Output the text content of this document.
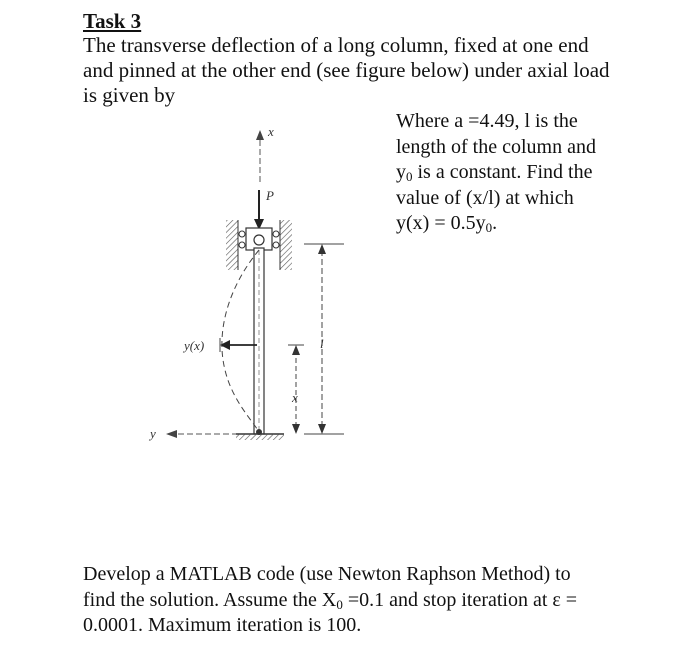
Task 3
The transverse deflection of a long column, fixed at one end
and pinned at the other end (see figure below) under axial load
is given by
Where a =4.49, l is the
length of the column and
$y_0$ is a constant. Find the
value of (x/l) at which
$y(x) = 0.5y_0$.
x
P
y(x)
y
l
x
Develop a MATLAB code (use Newton Raphson Method) to
find the solution. Assume the $X_0 =0.1$ and stop iteration at ε =
0.0001. Maximum iteration is 100.
